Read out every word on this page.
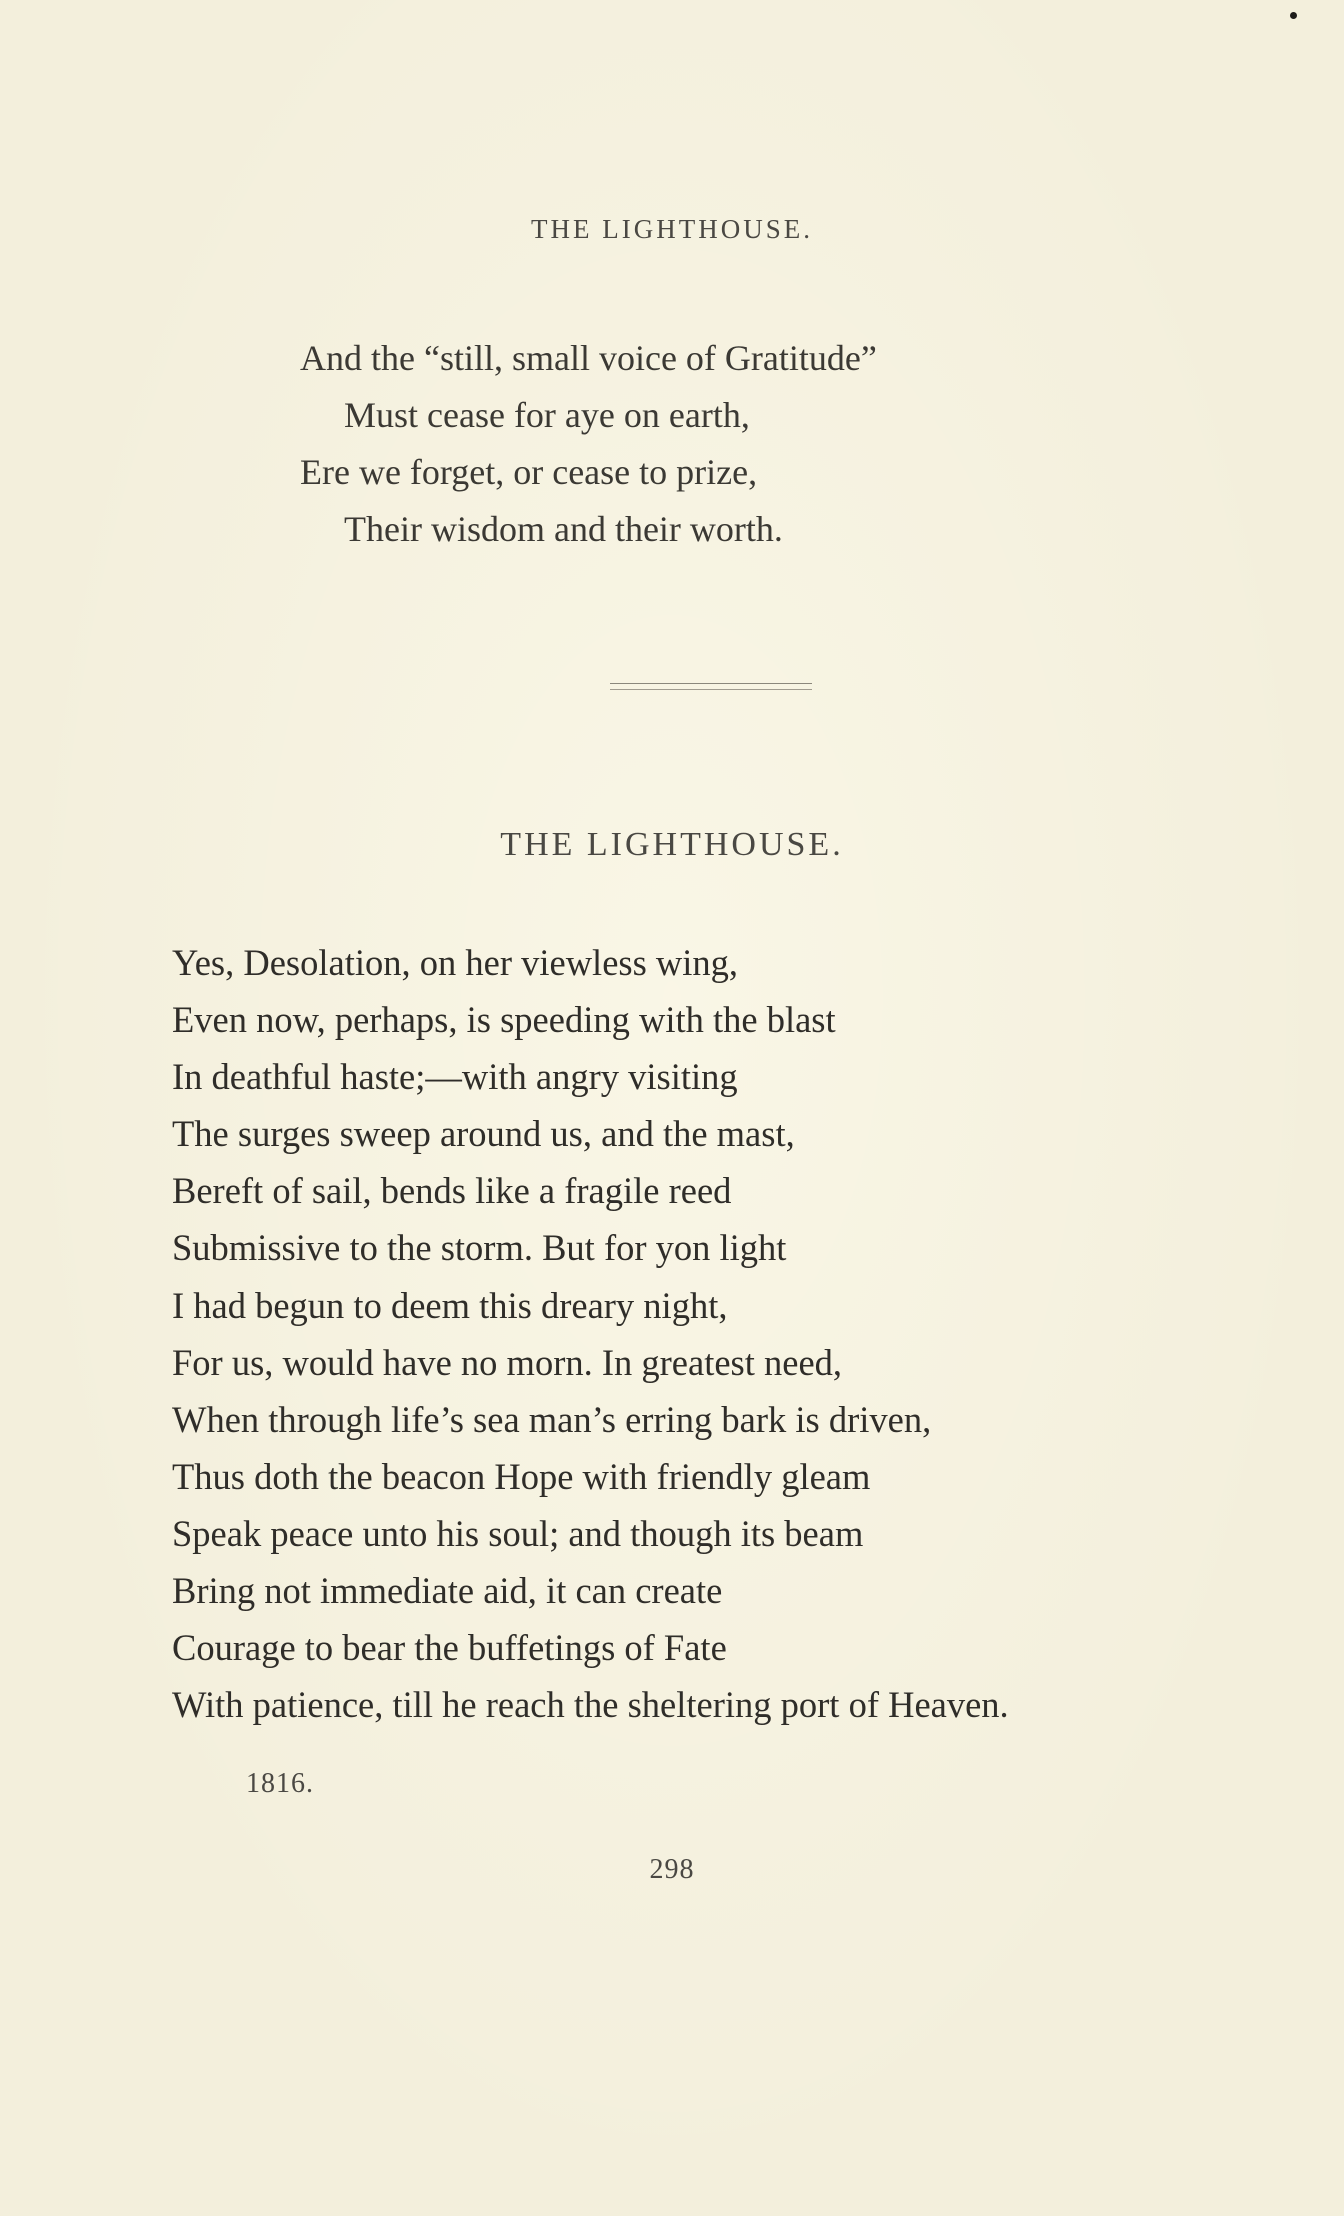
THE LIGHTHOUSE.
And the “still, small voice of Gratitude”
Must cease for aye on earth,
Ere we forget, or cease to prize,
Their wisdom and their worth.
THE LIGHTHOUSE.
Yes, Desolation, on her viewless wing,
Even now, perhaps, is speeding with the blast
In deathful haste;—with angry visiting
The surges sweep around us, and the mast,
Bereft of sail, bends like a fragile reed
Submissive to the storm. But for yon light
I had begun to deem this dreary night,
For us, would have no morn. In greatest need,
When through life’s sea man’s erring bark is driven,
Thus doth the beacon Hope with friendly gleam
Speak peace unto his soul; and though its beam
Bring not immediate aid, it can create
Courage to bear the buffetings of Fate
With patience, till he reach the sheltering port of Heaven.
1816.
298
